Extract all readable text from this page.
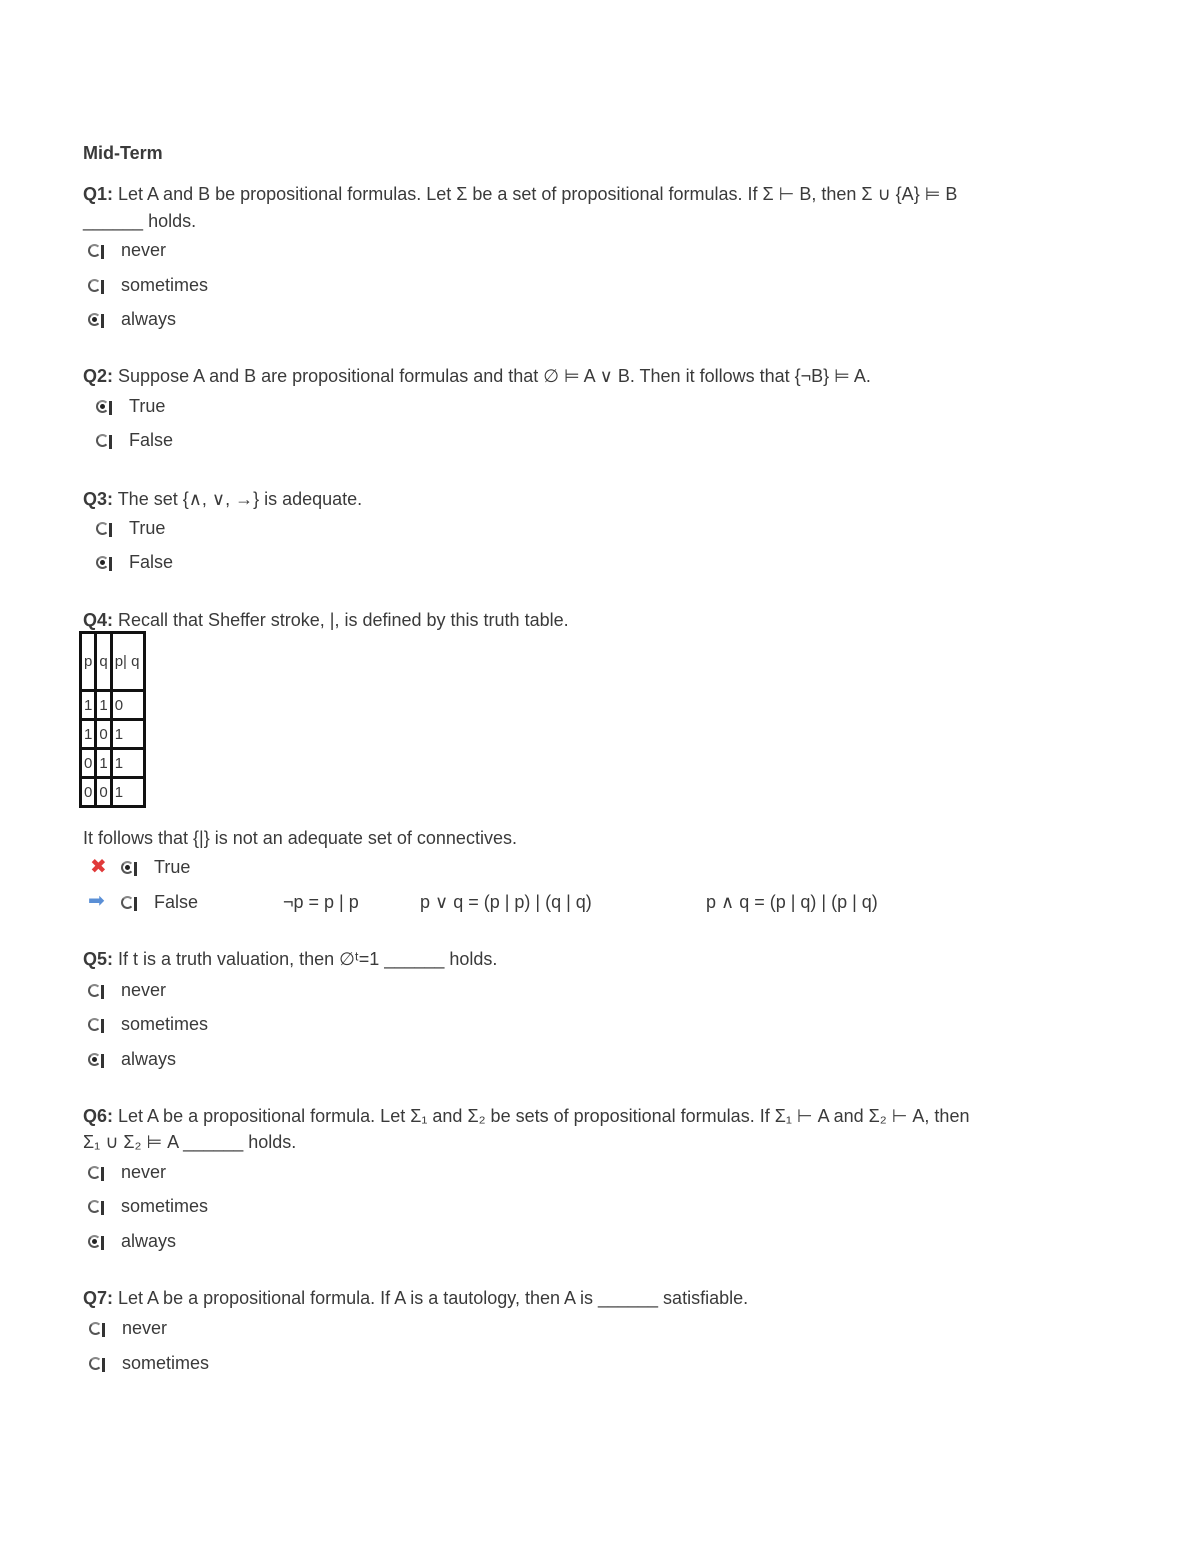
Mid-Term
Q1: Let A and B be propositional formulas. Let Σ be a set of propositional formulas. If Σ ⊢ B, then Σ ∪ {A} ⊨ B
______ holds.
never
sometimes
always
Q2: Suppose A and B are propositional formulas and that ∅ ⊨ A ∨ B. Then it follows that {¬B} ⊨ A.
True
False
Q3: The set {∧, ∨, →} is adequate.
True
False
Q4: Recall that Sheffer stroke, |, is defined by this truth table.
p	q	p| q
1	1	0
1	0	1
0	1	1
0	0	1
It follows that {|} is not an adequate set of connectives.
✖	True
➡	False	¬p = p | p	p ∨ q = (p | p) | (q | q)	p ∧ q = (p | q) | (p | q)
Q5: If t is a truth valuation, then ∅ᵗ=1 ______ holds.
never
sometimes
always
Q6: Let A be a propositional formula. Let Σ₁ and Σ₂ be sets of propositional formulas. If Σ₁ ⊢ A and Σ₂ ⊢ A, then
Σ₁ ∪ Σ₂ ⊨ A ______ holds.
never
sometimes
always
Q7: Let A be a propositional formula. If A is a tautology, then A is ______ satisfiable.
never
sometimes
